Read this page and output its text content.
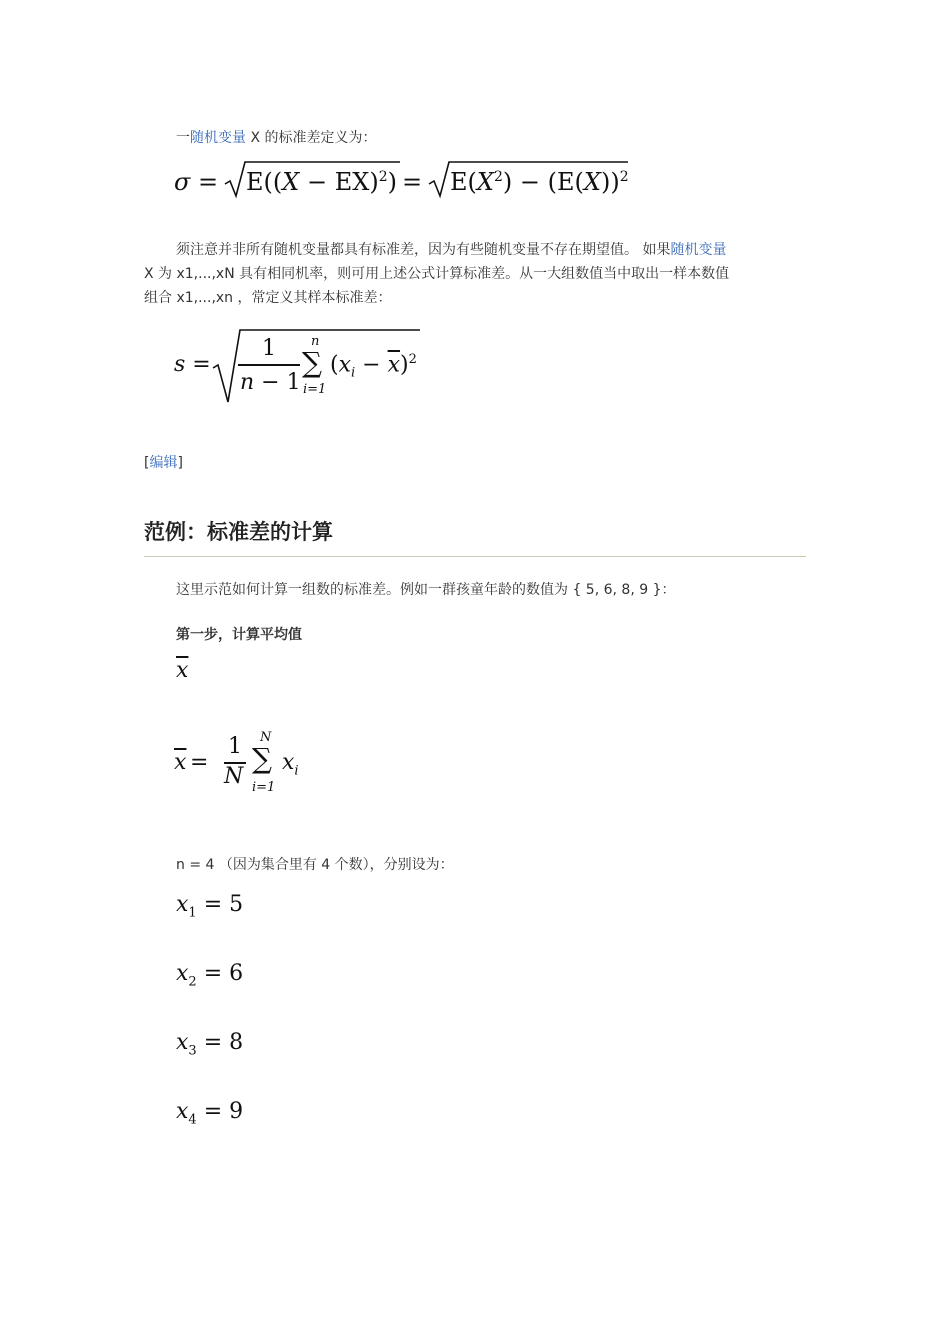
一随机变量 X 的标准差定义为：
$\sigma = E((X - EX)^2) = E(X^2) - (E(X))^2$
须注意并非所有随机变量都具有标准差，因为有些随机变量不存在期望值。 如果随机变量
X 为 x1,...,xN 具有相同机率，则可用上述公式计算标准差。从一大组数值当中取出一样本数值
组合 x1,...,xn ，常定义其样本标准差：
s =
1
n − 1
n
∑
i=1
$(x_i - \overline{x})^2$
[编辑]
范例：标准差的计算
这里示范如何计算一组数的标准差。例如一群孩童年龄的数值为 { 5, 6, 8, 9 }：
第一步，计算平均值
$\overline{x}$
$\overline{x}$ =
1
N
N
∑
i=1
$x_i$
n = 4 （因为集合里有 4 个数），分别设为：
$x_1 = 5$
$x_2 = 6$
$x_3 = 8$
$x_4 = 9$
